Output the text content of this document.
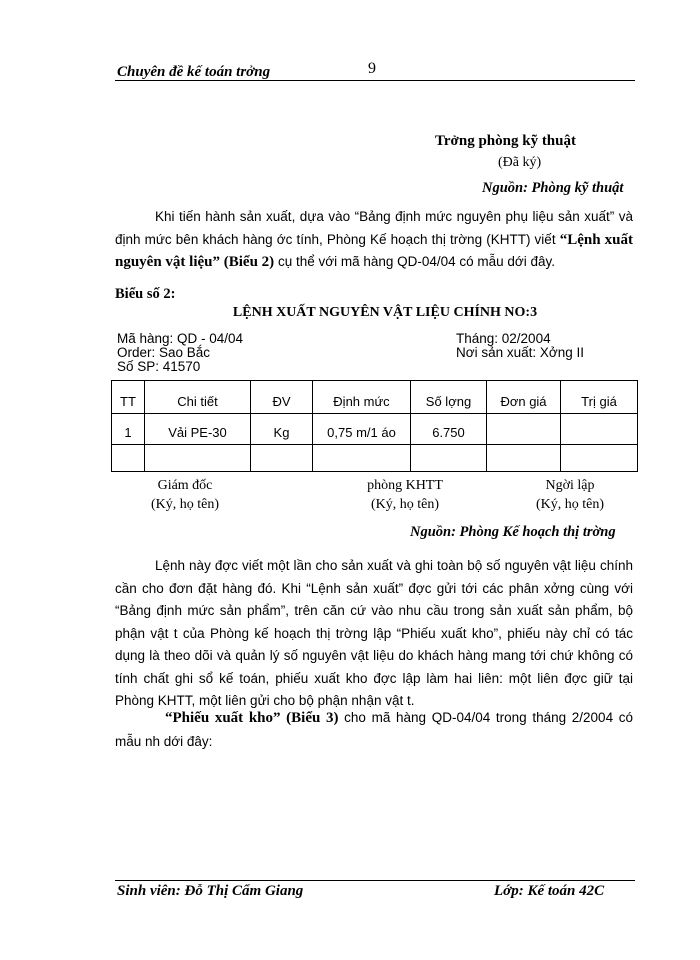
Chuyên đề kế toán trởng	9
Trởng phòng kỹ thuật
(Đã ký)
Nguồn: Phòng kỹ thuật

Khi tiến hành sản xuất, dựa vào “Bảng định mức nguyên phụ liệu sản xuất” và định mức bên khách hàng ớc tính, Phòng Kế hoạch thị trờng (KHTT) viết “Lệnh xuất nguyên vật liệu” (Biểu 2) cụ thể với mã hàng QD-04/04 có mẫu dới đây.

Biểu số 2:
LỆNH XUẤT NGUYÊN VẬT LIỆU CHÍNH NO:3
Mã hàng: QD - 04/04	Tháng: 02/2004
Order: Sao Bắc	Nơi sản xuất: Xởng II
Số SP: 41570
TT	Chi tiết	ĐV	Định mức	Số lợng	Đơn giá	Trị giá
1	Vải PE-30	Kg	0,75 m/1 áo	6.750		

Giám đốc
(Ký, họ tên)
phòng KHTT
(Ký, họ tên)
Ngời lập
(Ký, họ tên)
Nguồn: Phòng Kế hoạch thị trờng

Lệnh này đợc viết một lần cho sản xuất và ghi toàn bộ số nguyên vật liệu chính cần cho đơn đặt hàng đó. Khi “Lệnh sản xuất” đợc gửi tới các phân xởng cùng với “Bảng định mức sản phẩm”, trên căn cứ vào nhu cầu trong sản xuất sản phẩm, bộ phận vật t của Phòng kế hoạch thị trờng lập “Phiếu xuất kho”, phiếu này chỉ có tác dụng là theo dõi và quản lý số nguyên vật liệu do khách hàng mang tới chứ không có tính chất ghi sổ kế toán, phiếu xuất kho đợc lập làm hai liên: một liên đợc giữ tại Phòng KHTT, một liên gửi cho bộ phận nhận vật t.

“Phiếu xuất kho” (Biểu 3) cho mã hàng QD-04/04 trong tháng 2/2004 có mẫu nh dới đây:

Sinh viên: Đỗ Thị Cẩm Giang	Lớp: Kế toán 42C
